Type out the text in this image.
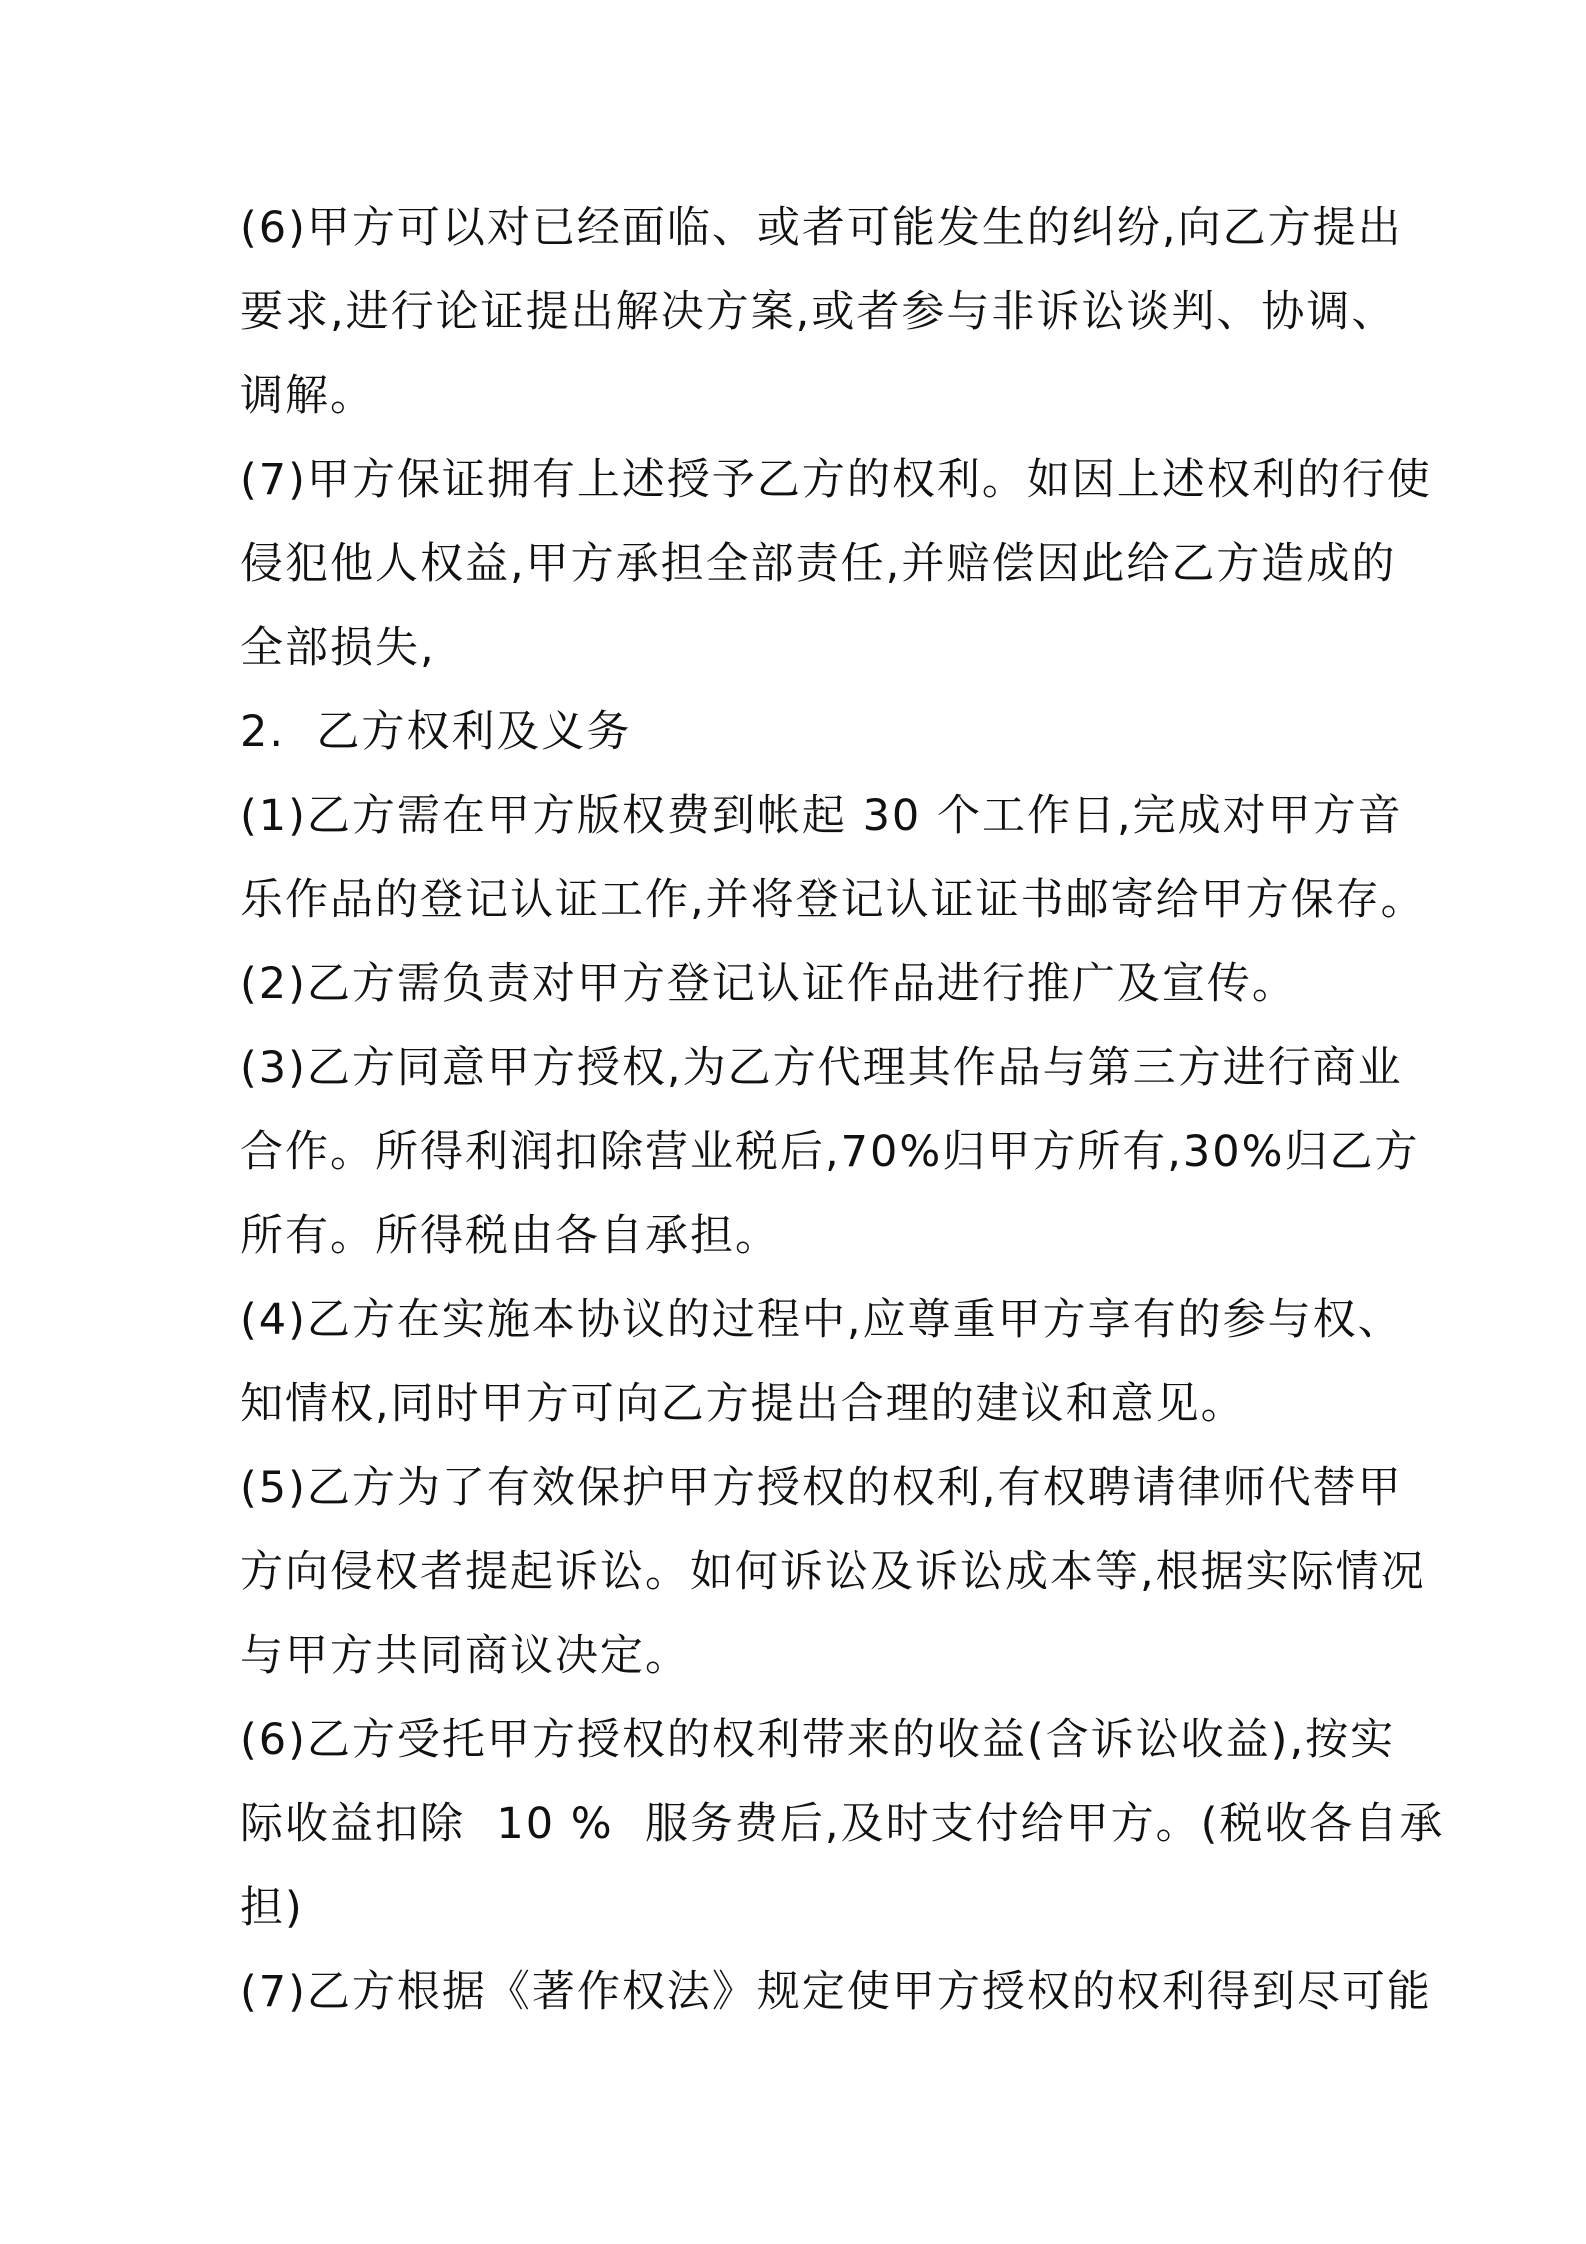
(6)甲方可以对已经面临、或者可能发生的纠纷,向乙方提出
要求,进行论证提出解决方案,或者参与非诉讼谈判、协调、
调解。
(7)甲方保证拥有上述授予乙方的权利。如因上述权利的行使
侵犯他人权益,甲方承担全部责任,并赔偿因此给乙方造成的
全部损失,
2.  乙方权利及义务
(1)乙方需在甲方版权费到帐起 30 个工作日,完成对甲方音
乐作品的登记认证工作,并将登记认证证书邮寄给甲方保存。
(2)乙方需负责对甲方登记认证作品进行推广及宣传。
(3)乙方同意甲方授权,为乙方代理其作品与第三方进行商业
合作。所得利润扣除营业税后,70%归甲方所有,30%归乙方
所有。所得税由各自承担。
(4)乙方在实施本协议的过程中,应尊重甲方享有的参与权、
知情权,同时甲方可向乙方提出合理的建议和意见。
(5)乙方为了有效保护甲方授权的权利,有权聘请律师代替甲
方向侵权者提起诉讼。如何诉讼及诉讼成本等,根据实际情况
与甲方共同商议决定。
(6)乙方受托甲方授权的权利带来的收益(含诉讼收益),按实
际收益扣除  10 %  服务费后,及时支付给甲方。(税收各自承
担)
(7)乙方根据《著作权法》规定使甲方授权的权利得到尽可能
